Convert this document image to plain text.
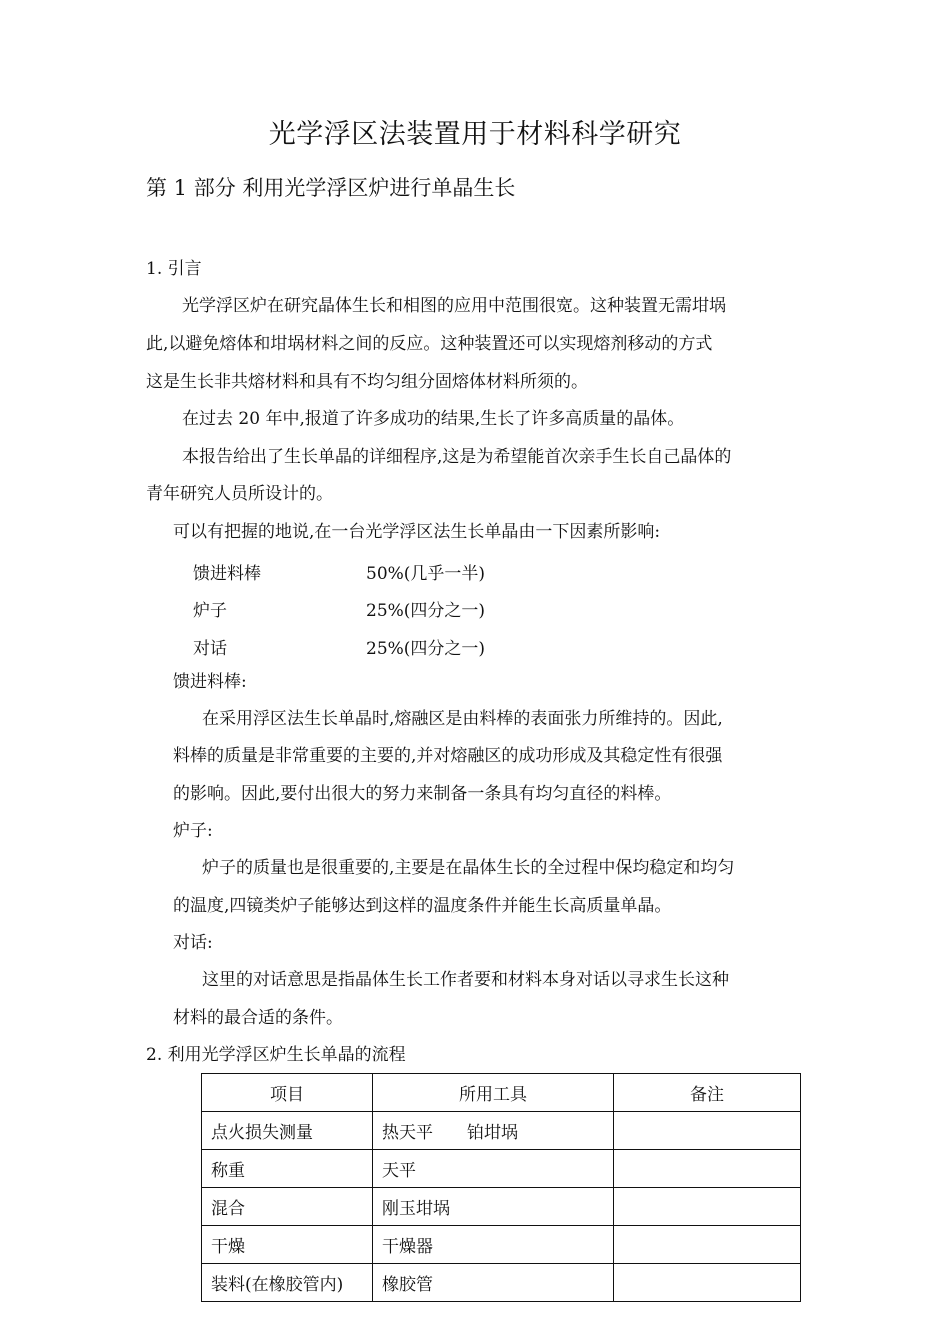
光学浮区法装置用于材料科学研究
第 1 部分 利用光学浮区炉进行单晶生长
1. 引言
光学浮区炉在研究晶体生长和相图的应用中范围很宽。这种装置无需坩埚
此,以避免熔体和坩埚材料之间的反应。这种装置还可以实现熔剂移动的方式
这是生长非共熔材料和具有不均匀组分固熔体材料所须的。
在过去 20 年中,报道了许多成功的结果,生长了许多高质量的晶体。
本报告给出了生长单晶的详细程序,这是为希望能首次亲手生长自己晶体的
青年研究人员所设计的。
可以有把握的地说,在一台光学浮区法生长单晶由一下因素所影响:
馈进料棒	50%(几乎一半)
炉子	25%(四分之一)
对话	25%(四分之一)
馈进料棒:
在采用浮区法生长单晶时,熔融区是由料棒的表面张力所维持的。因此,
料棒的质量是非常重要的主要的,并对熔融区的成功形成及其稳定性有很强
的影响。因此,要付出很大的努力来制备一条具有均匀直径的料棒。
炉子:
炉子的质量也是很重要的,主要是在晶体生长的全过程中保均稳定和均匀
的温度,四镜类炉子能够达到这样的温度条件并能生长高质量单晶。
对话:
这里的对话意思是指晶体生长工作者要和材料本身对话以寻求生长这种
材料的最合适的条件。
2. 利用光学浮区炉生长单晶的流程
项目	所用工具	备注
点火损失测量	热天平 铂坩埚	
称重	天平	
混合	刚玉坩埚	
干燥	干燥器	
装料(在橡胶管内)	橡胶管	
